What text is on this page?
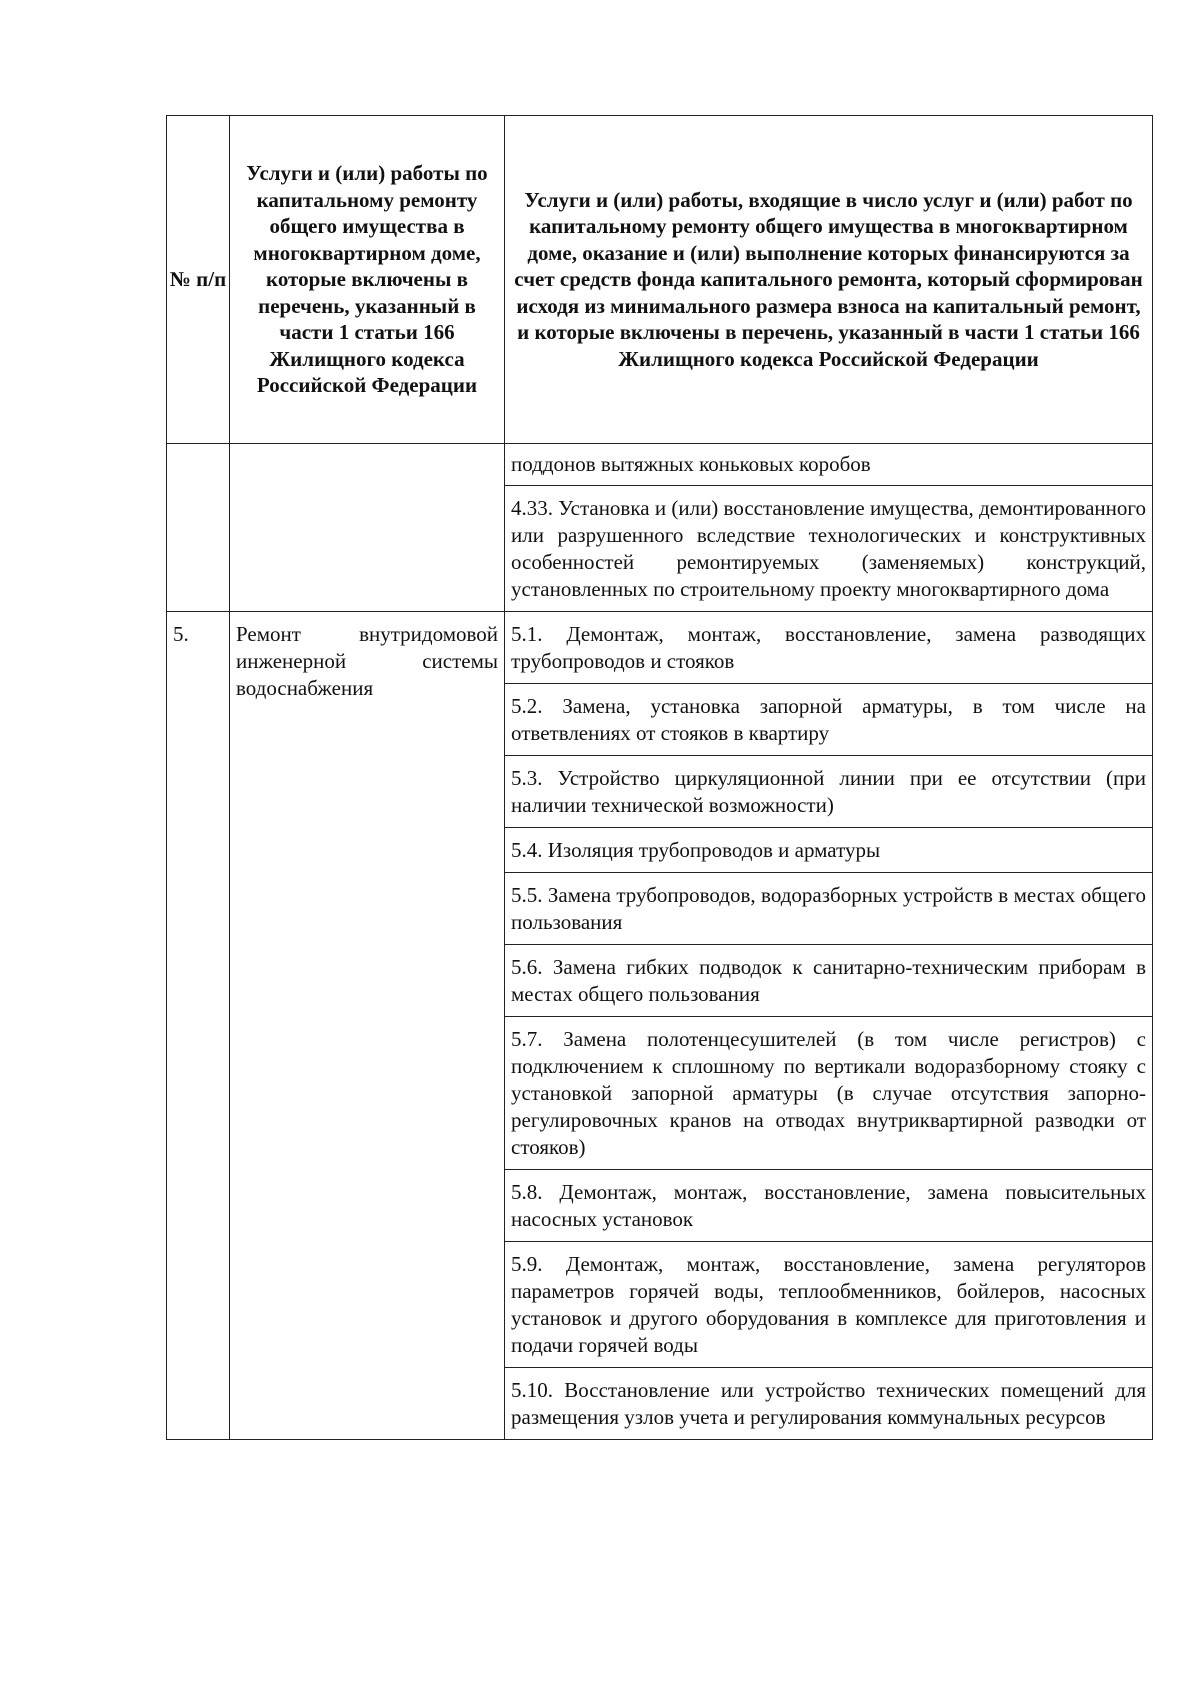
№ п/п	Услуги и (или) работы по капитальному ремонту общего имущества в многоквартирном доме, которые включены в перечень, указанный в части 1 статьи 166 Жилищного кодекса Российской Федерации	Услуги и (или) работы, входящие в число услуг и (или) работ по капитальному ремонту общего имущества в многоквартирном доме, оказание и (или) выполнение которых финансируются за счет средств фонда капитального ремонта, который сформирован исходя из минимального размера взноса на капитальный ремонт, и которые включены в перечень, указанный в части 1 статьи 166 Жилищного кодекса Российской Федерации
		поддонов вытяжных коньковых коробов
		4.33. Установка и (или) восстановление имущества, демонтированного или разрушенного вследствие технологических и конструктивных особенностей ремонтируемых (заменяемых) конструкций, установленных по строительному проекту многоквартирного дома
5.	Ремонт внутридомовой инженерной системы водоснабжения	5.1. Демонтаж, монтаж, восстановление, замена разводящих трубопроводов и стояков
		5.2. Замена, установка запорной арматуры, в том числе на ответвлениях от стояков в квартиру
		5.3. Устройство циркуляционной линии при ее отсутствии (при наличии технической возможности)
		5.4. Изоляция трубопроводов и арматуры
		5.5. Замена трубопроводов, водоразборных устройств в местах общего пользования
		5.6. Замена гибких подводок к санитарно-техническим приборам в местах общего пользования
		5.7. Замена полотенцесушителей (в том числе регистров) с подключением к сплошному по вертикали водоразборному стояку с установкой запорной арматуры (в случае отсутствия запорно-регулировочных кранов на отводах внутриквартирной разводки от стояков)
		5.8. Демонтаж, монтаж, восстановление, замена повысительных насосных установок
		5.9. Демонтаж, монтаж, восстановление, замена регуляторов параметров горячей воды, теплообменников, бойлеров, насосных установок и другого оборудования в комплексе для приготовления и подачи горячей воды
		5.10. Восстановление или устройство технических помещений для размещения узлов учета и регулирования коммунальных ресурсов
